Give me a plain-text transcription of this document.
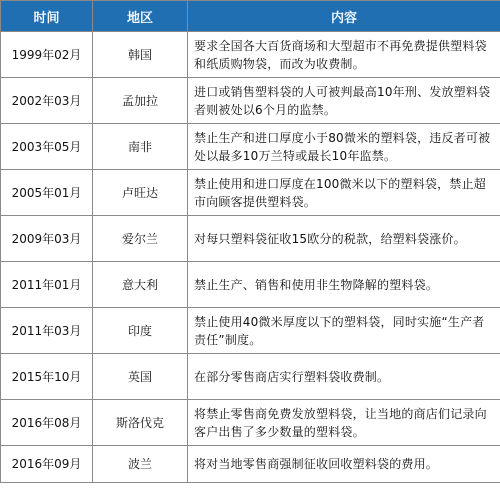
时间	地区	内容
1999年02月	韩国	要求全国各大百货商场和大型超市不再免费提供塑料袋和纸质购物袋，而改为收费制。
2002年03月	孟加拉	进口或销售塑料袋的人可被判最高10年刑、发放塑料袋者则被处以6个月的监禁。
2003年05月	南非	禁止生产和进口厚度小于80微米的塑料袋，违反者可被处以最多10万兰特或最长10年监禁。
2005年01月	卢旺达	禁止使用和进口厚度在100微米以下的塑料袋，禁止超市向顾客提供塑料袋。
2009年03月	爱尔兰	对每只塑料袋征收15欧分的税款，给塑料袋涨价。
2011年01月	意大利	禁止生产、销售和使用非生物降解的塑料袋。
2011年03月	印度	禁止使用40微米厚度以下的塑料袋，同时实施“生产者责任”制度。
2015年10月	英国	在部分零售商店实行塑料袋收费制。
2016年08月	斯洛伐克	将禁止零售商免费发放塑料袋，让当地的商店们记录向客户出售了多少数量的塑料袋。
2016年09月	波兰	将对当地零售商强制征收回收塑料袋的费用。
